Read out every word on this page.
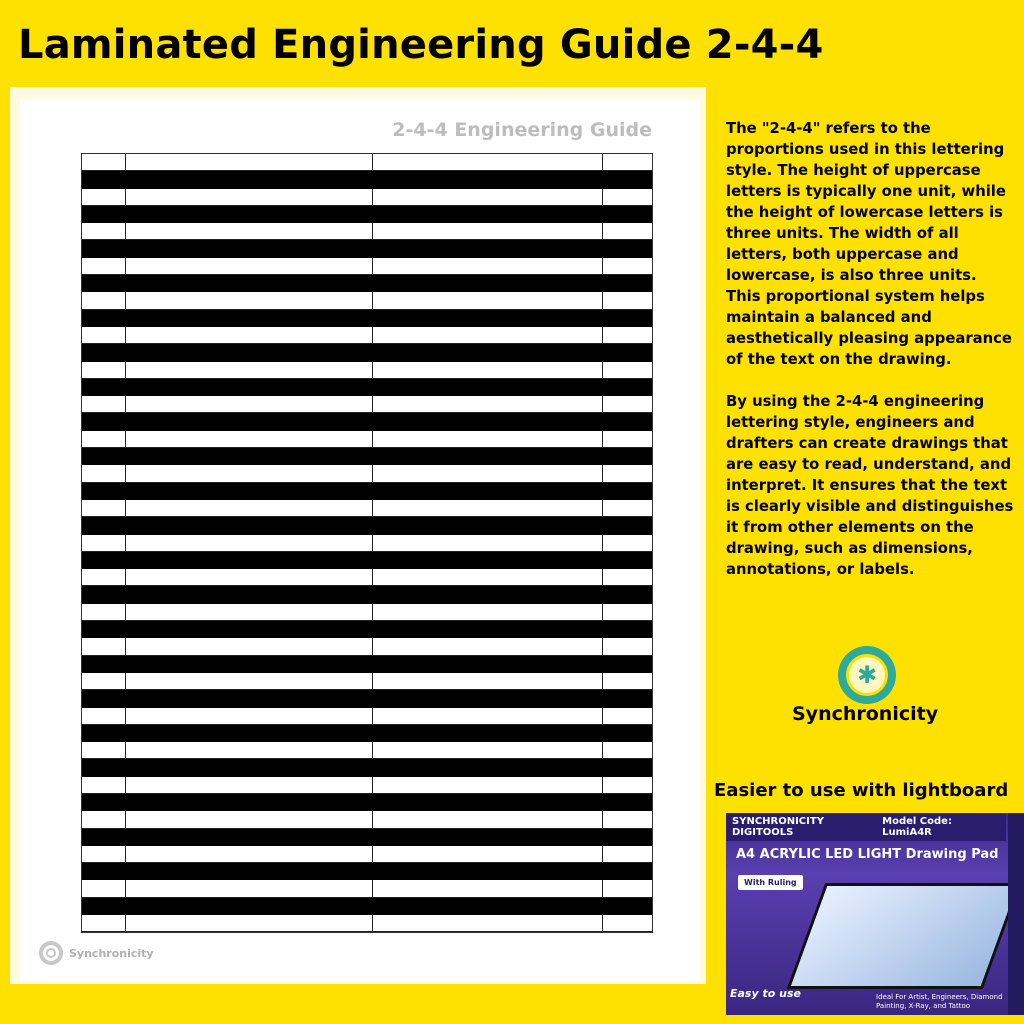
Laminated Engineering Guide 2-4-4
2-4-4 Engineering Guide
Synchronicity

The "2-4-4" refers to the proportions used in this lettering style. The height of uppercase letters is typically one unit, while the height of lowercase letters is three units. The width of all letters, both uppercase and lowercase, is also three units. This proportional system helps maintain a balanced and aesthetically pleasing appearance of the text on the drawing.

By using the 2-4-4 engineering lettering style, engineers and drafters can create drawings that are easy to read, understand, and interpret. It ensures that the text is clearly visible and distinguishes it from other elements on the drawing, such as dimensions, annotations, or labels.

✱
Synchronicity
Easier to use with lightboard
SYNCHRONICITY DIGITOOLS
Model Code: LumiA4R
A4 ACRYLIC LED LIGHT Drawing Pad
With Ruling
Easy to use	Ideal For Artist, Engineers, Diamond Painting, X-Ray, and Tattoo
